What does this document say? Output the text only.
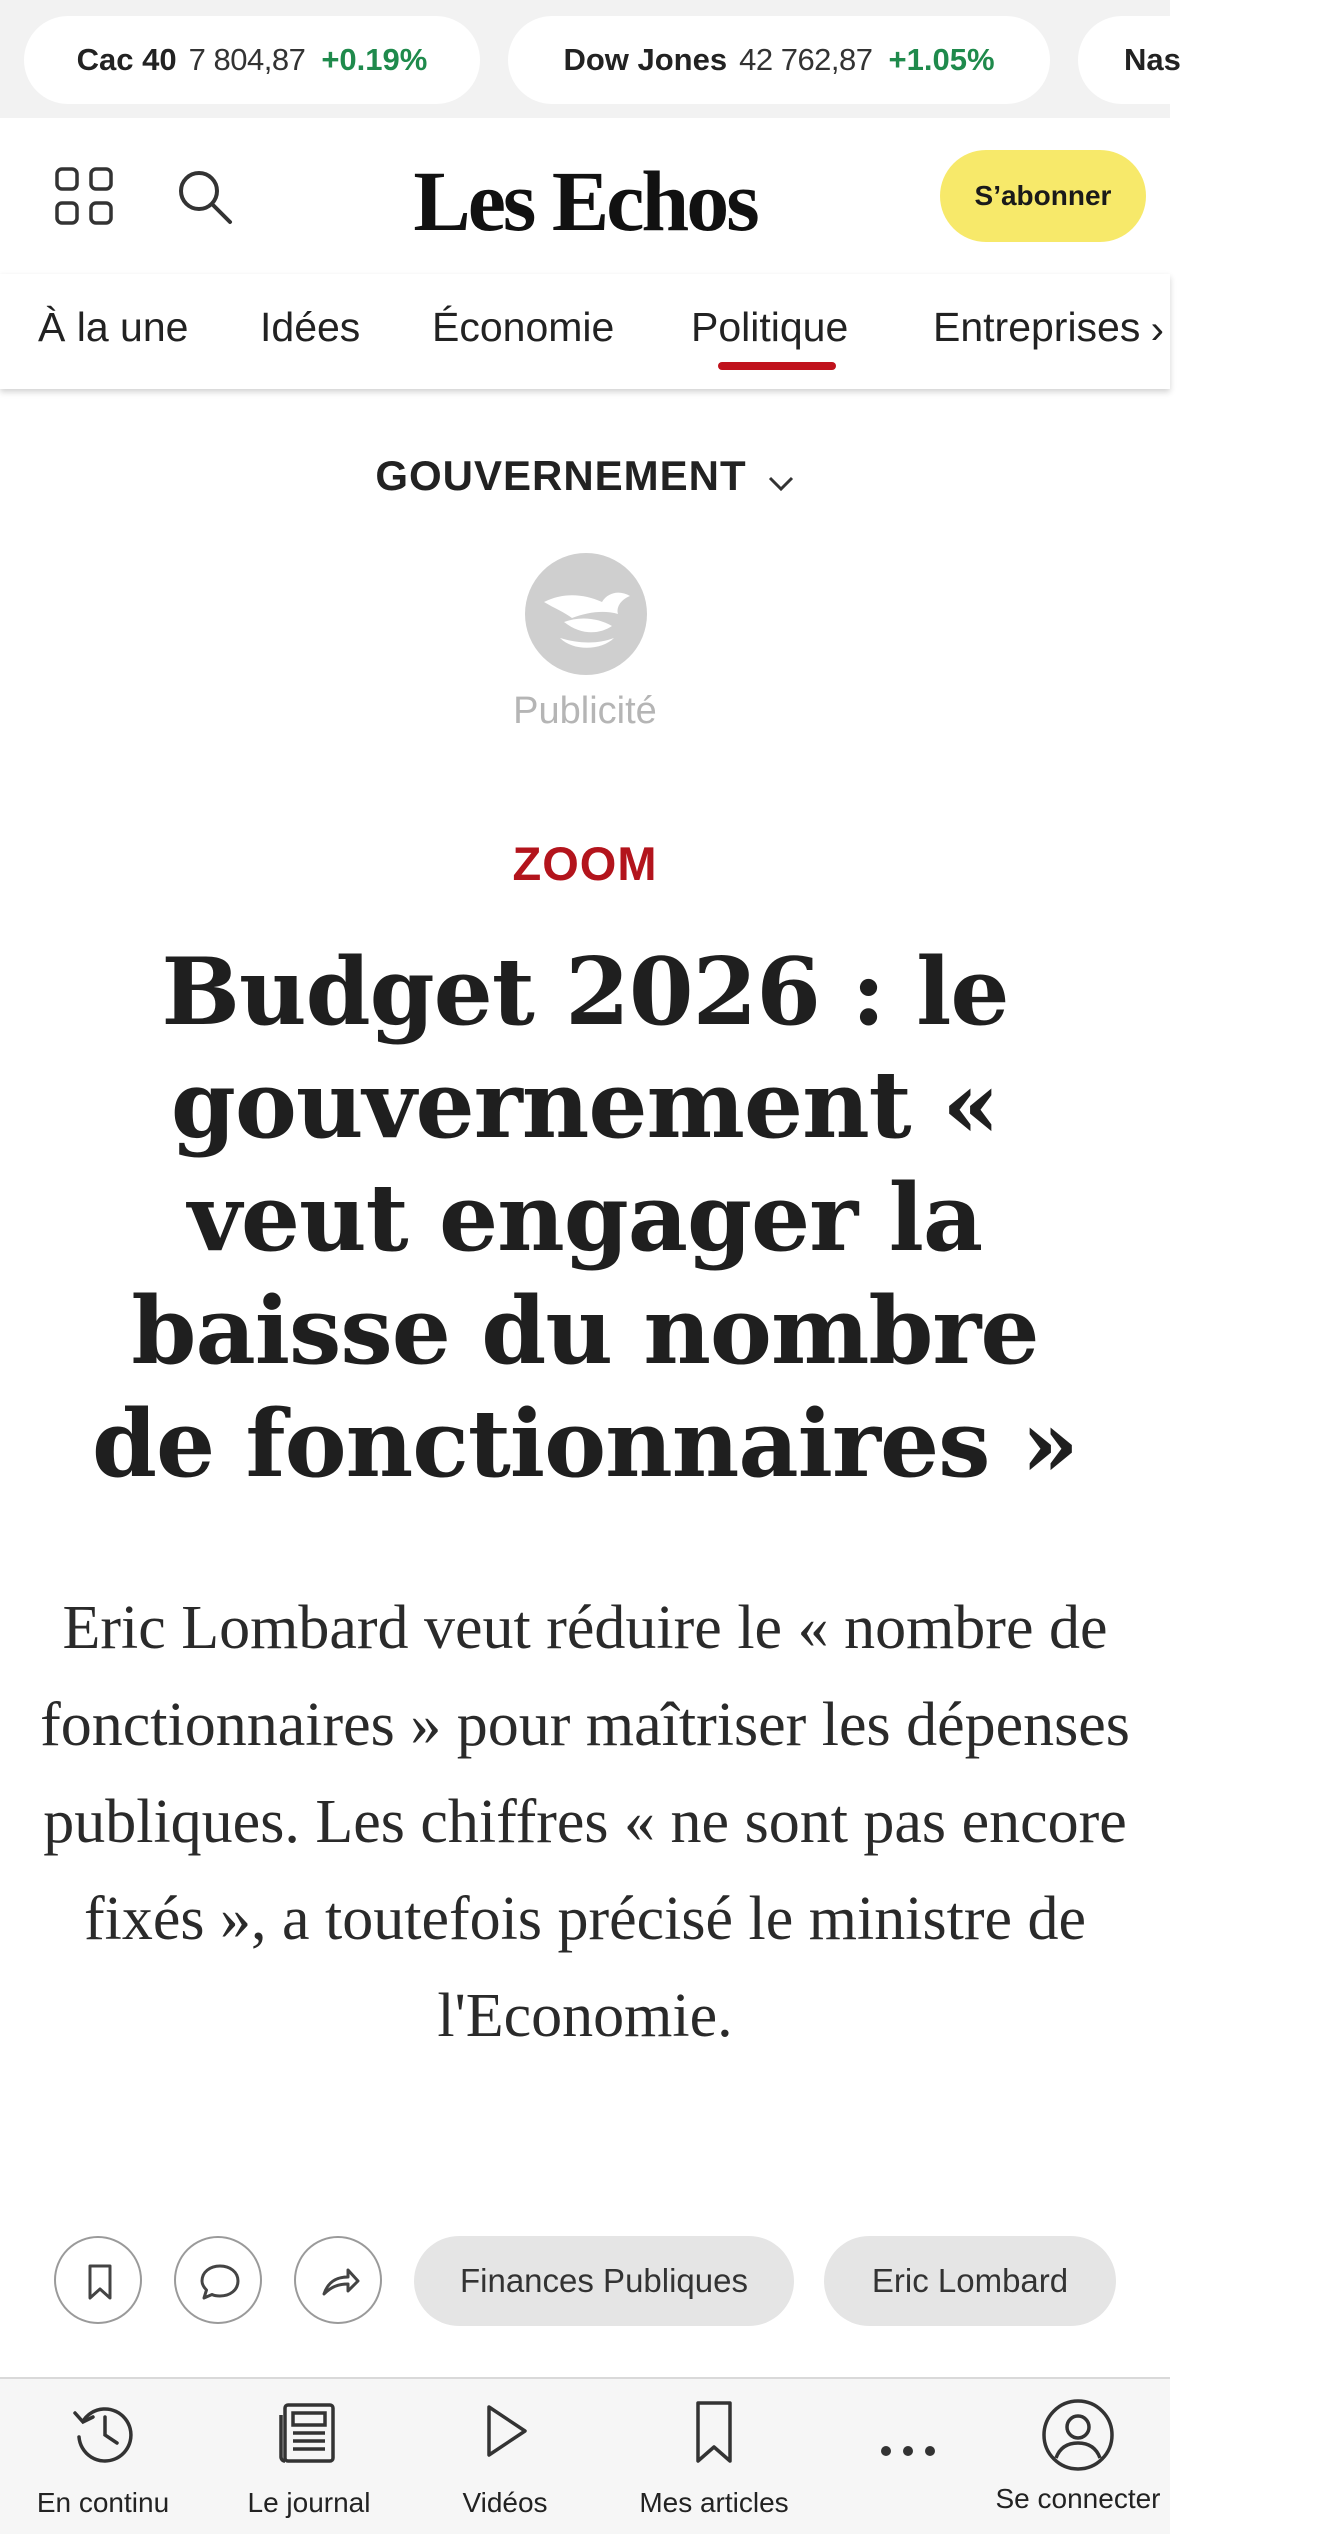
Cac 40 7 804,87 +0.19%	Dow Jones 42 762,87 +1.05%	Nas
Les Echos	S’abonner
À la une Idées Économie Politique Entreprises ›
GOUVERNEMENT
Publicité
ZOOM
Budget 2026 : le gouvernement « veut engager la baisse du nombre de fonctionnaires »

Eric Lombard veut réduire le « nombre de fonctionnaires » pour maîtriser les dépenses publiques. Les chiffres « ne sont pas encore fixés », a toutefois précisé le ministre de l'Economie.

Finances Publiques	Eric Lombard
En continu	Le journal	Vidéos	Mes articles	Se connecter
